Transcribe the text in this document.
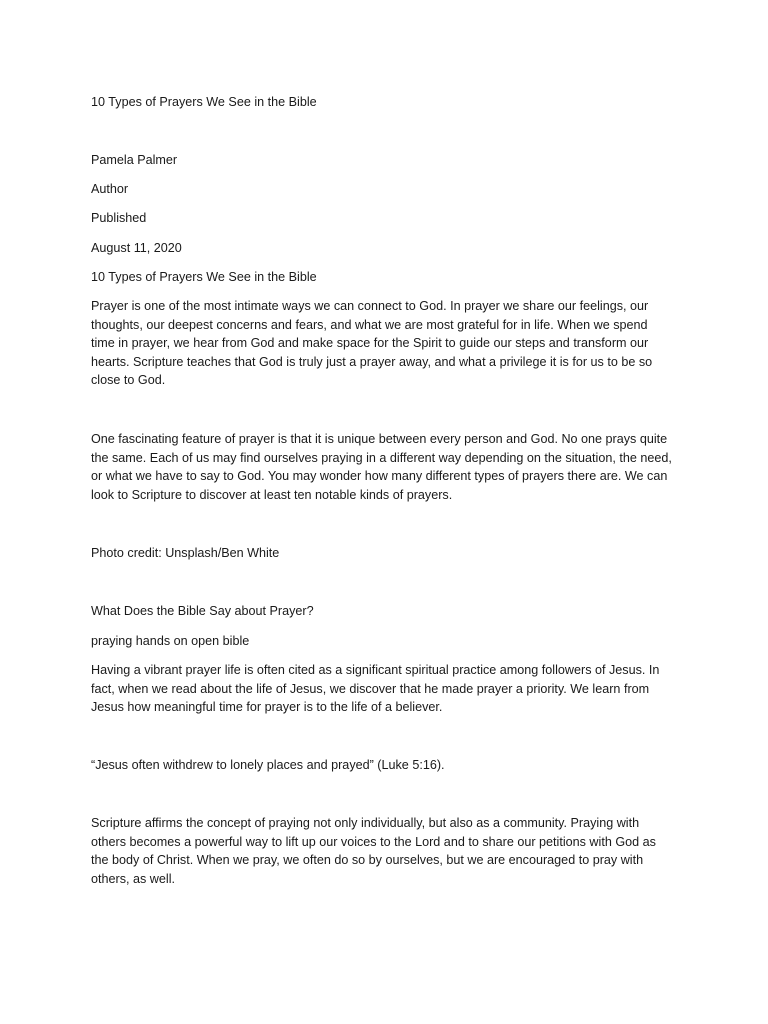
10 Types of Prayers We See in the Bible
Pamela Palmer
Author
Published
August 11, 2020
10 Types of Prayers We See in the Bible
Prayer is one of the most intimate ways we can connect to God. In prayer we share our feelings, our
thoughts, our deepest concerns and fears, and what we are most grateful for in life. When we spend
time in prayer, we hear from God and make space for the Spirit to guide our steps and transform our
hearts. Scripture teaches that God is truly just a prayer away, and what a privilege it is for us to be so
close to God.
One fascinating feature of prayer is that it is unique between every person and God. No one prays quite
the same. Each of us may find ourselves praying in a different way depending on the situation, the need,
or what we have to say to God. You may wonder how many different types of prayers there are. We can
look to Scripture to discover at least ten notable kinds of prayers.
Photo credit: Unsplash/Ben White
What Does the Bible Say about Prayer?
praying hands on open bible
Having a vibrant prayer life is often cited as a significant spiritual practice among followers of Jesus. In
fact, when we read about the life of Jesus, we discover that he made prayer a priority. We learn from
Jesus how meaningful time for prayer is to the life of a believer.
“Jesus often withdrew to lonely places and prayed” (Luke 5:16).
Scripture affirms the concept of praying not only individually, but also as a community. Praying with
others becomes a powerful way to lift up our voices to the Lord and to share our petitions with God as
the body of Christ. When we pray, we often do so by ourselves, but we are encouraged to pray with
others, as well.
